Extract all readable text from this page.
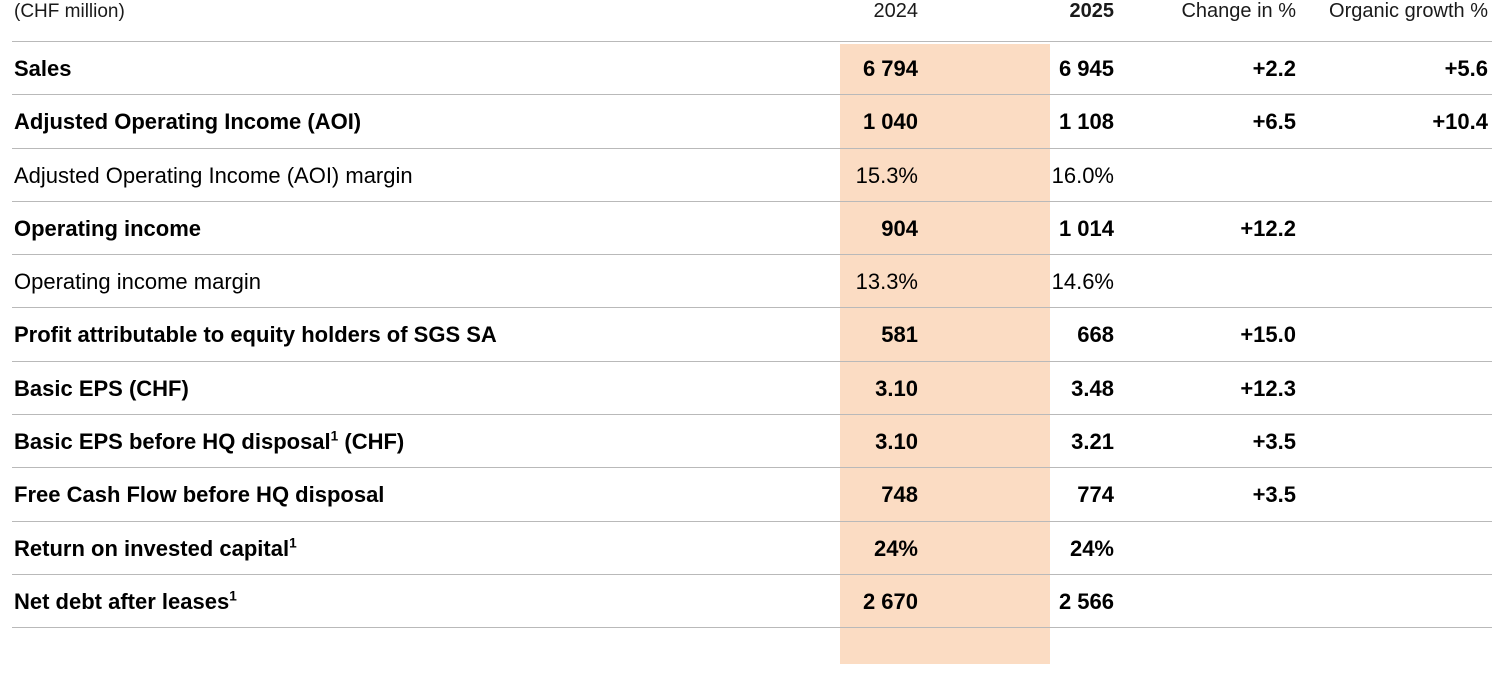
(CHF million)	2024	2025	Change in %	Organic growth %
Sales	6 794	6 945	+2.2	+5.6
Adjusted Operating Income (AOI)	1 040	1 108	+6.5	+10.4
Adjusted Operating Income (AOI) margin	15.3%	16.0%		
Operating income	904	1 014	+12.2	
Operating income margin	13.3%	14.6%		
Profit attributable to equity holders of SGS SA	581	668	+15.0	
Basic EPS (CHF)	3.10	3.48	+12.3	
Basic EPS before HQ disposal$^1$ (CHF)	3.10	3.21	+3.5	
Free Cash Flow before HQ disposal	748	774	+3.5	
Return on invested capital$^1$	24%	24%		
Net debt after leases$^1$	2 670	2 566		
